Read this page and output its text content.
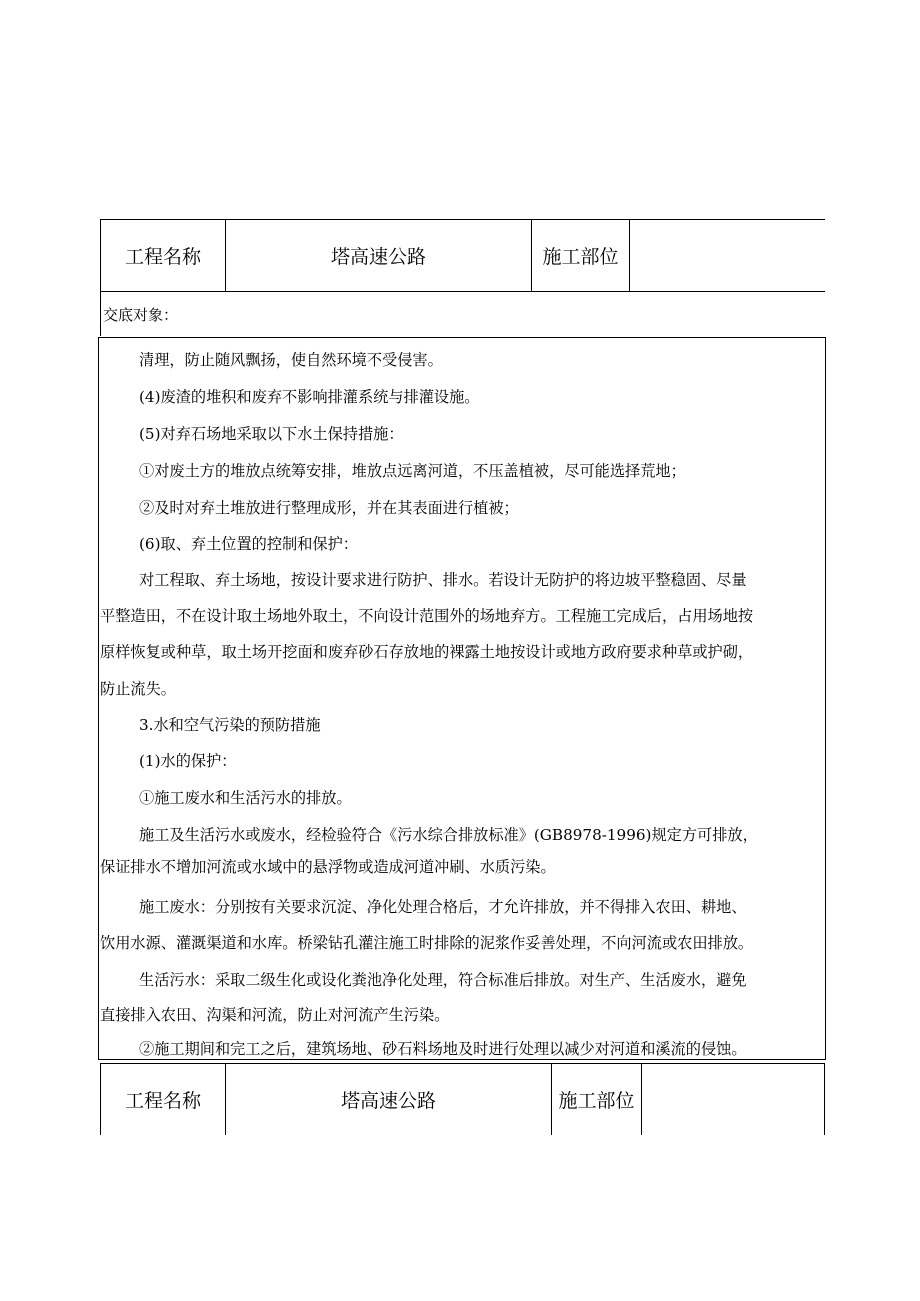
工程名称	塔高速公路	施工部位	
交底对象：
清理，防止随风飘扬，使自然环境不受侵害。
(4)废渣的堆积和废弃不影响排灌系统与排灌设施。
(5)对弃石场地采取以下水土保持措施：
①对废土方的堆放点统筹安排，堆放点远离河道，不压盖植被，尽可能选择荒地；
②及时对弃土堆放进行整理成形，并在其表面进行植被；
(6)取、弃土位置的控制和保护：
对工程取、弃土场地，按设计要求进行防护、排水。若设计无防护的将边坡平整稳固、尽量
平整造田，不在设计取土场地外取土，不向设计范围外的场地弃方。工程施工完成后，占用场地按
原样恢复或种草，取土场开挖面和废弃砂石存放地的裸露土地按设计或地方政府要求种草或护砌，
防止流失。
3.水和空气污染的预防措施
(1)水的保护：
①施工废水和生活污水的排放。
施工及生活污水或废水，经检验符合《污水综合排放标准》(GB8978-1996)规定方可排放，
保证排水不增加河流或水域中的悬浮物或造成河道冲刷、水质污染。
施工废水：分别按有关要求沉淀、净化处理合格后，才允许排放，并不得排入农田、耕地、
饮用水源、灌溉渠道和水库。桥梁钻孔灌注施工时排除的泥浆作妥善处理，不向河流或农田排放。
生活污水：采取二级生化或设化粪池净化处理，符合标准后排放。对生产、生活废水，避免
直接排入农田、沟渠和河流，防止对河流产生污染。
②施工期间和完工之后，建筑场地、砂石料场地及时进行处理以减少对河道和溪流的侵蚀。
工程名称	塔高速公路	施工部位	
